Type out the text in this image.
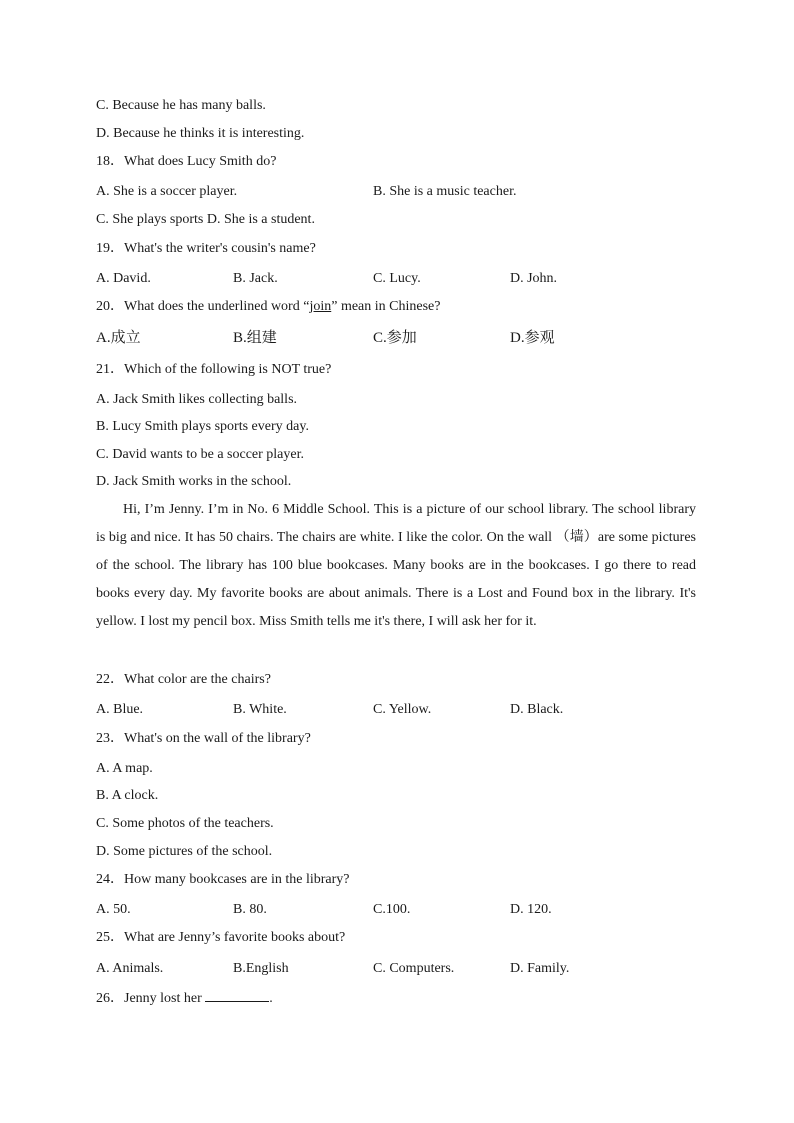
C. Because he has many balls.
D. Because he thinks it is interesting.
18．What does Lucy Smith do?
A. She is a soccer player.	B. She is a music teacher.
C. She plays sports D. She is a student.
19．What's the writer's cousin's name?
A. David.	B. Jack.	C. Lucy.	D. John.
20．What does the underlined word “join” mean in Chinese?
A.成立	B.组建	C.参加	D.参观
21．Which of the following is NOT true?
A. Jack Smith likes collecting balls.
B. Lucy Smith plays sports every day.
C. David wants to be a soccer player.
D. Jack Smith works in the school.
Hi, I’m Jenny. I’m in No. 6 Middle School. This is a picture of our school library. The school library is big and nice. It has 50 chairs. The chairs are white. I like the color. On the wall （墙）are some pictures of the school. The library has 100 blue bookcases. Many books are in the bookcases. I go there to read books every day. My favorite books are about animals. There is a Lost and Found box in the library. It's yellow. I lost my pencil box. Miss Smith tells me it's there, I will ask her for it.
22．What color are the chairs?
A. Blue.	B. White.	C. Yellow.	D. Black.
23．What's on the wall of the library?
A. A map.
B. A clock.
C. Some photos of the teachers.
D. Some pictures of the school.
24．How many bookcases are in the library?
A. 50.	B. 80.	C.100.	D. 120.
25．What are Jenny’s favorite books about?
A. Animals.	B.English	C. Computers.	D. Family.
26．Jenny lost her	.
